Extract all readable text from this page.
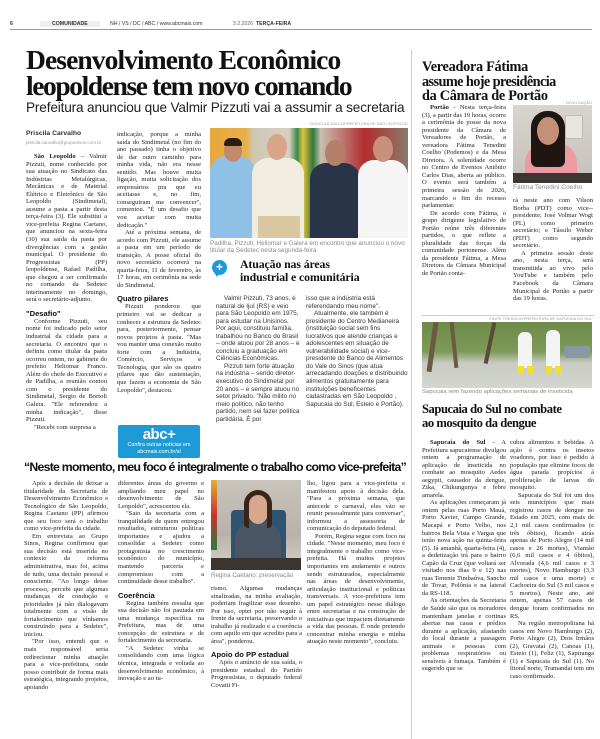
6	COMUNIDADE	NH / VS / DC / ABC / www.abcmais.com	3.2.2026 TERÇA-FEIRA
Desenvolvimento Econômico
leopoldense tem novo comando
Prefeitura anunciou que Valmir Pizzuti vai a assumir a secretaria
Priscila Carvalho
priscila.carvalho@gruposinos.com.br

São Leopoldo – Valmir Pizzuti, nome conhecido por sua atuação no Sindicato das Indústrias Metalúrgicas, Mecânicas e de Material Elétrico e Eletrônico de São Leopoldo (Sindimetal), assume a pasta a partir desta terça-feira (3). Ele substitui a vice-prefeita Regina Caetano, que anunciou na sexta-feira (30) sua saída da pasta por divergências com a gestão municipal. O presidente do Progressistas (PP) leopoldense, Rafael Padilha, que chegou a ser confirmado no comando da Sedetec interinamente no domingo, será o secretário-adjunto.

"Desafio"

Conforme Pizzuti, seu nome foi indicado pelo setor industrial da cidade para a secretaria. O encontro que o definiu como titular da pasta ocorreu ontem, no gabinete do prefeito Heliomar Franco. Além do chefe do Executivo e de Padilha, a reunião contou com o presidente do Sindimetal, Sergio de Bortoli Galera. "Ele referendou a minha indicação", disse Pizzuti.

"Recebi com surpresa a

indicação, porque a minha saída do Sindimetal (no fim do ano passado) tinha o objetivo de dar outro caminho para minha vida, não era nesse sentido. Mas houve muita ligação, muita solicitação dos empresários pra que eu aceitasse e, no fim, conseguiram me convencer", comentou. "É um desafio que vou aceitar com muita dedicação."

Até a próxima semana, de acordo com Pizzuti, ele assume a pasta em um período de transição. A posse oficial do novo secretário ocorrerá na quarta-feira, 11 de fevereiro, às 17 horas, em cerimônia na sede do Sindimetal.

Quatro pilares

Pizzuti ponderou que primeiro vai se dedicar a conhecer a estrutura da Sedetec para, posteriormente, pensar novos projetos à pasta. "Mas vou manter uma conexão muito forte com a Indústria, Comércio, Serviços e Tecnologia, que são os quatro pilares que dão sustentação, que fazem a economia de São Leopoldo", destacou.

abc+
Confira outras notícias em
abcmais.com.br/sl
DOUGLAS DALLA/PREFEITURA DE SÃO LEOPOLDO
Padilha, Pizzuti, Heliomar e Galera em encontro que anunciou o novo titular da Sedetec nesta segunda-feira
+	Atuação nas áreas
industrial e comunitária

Valmir Pizzuti, 73 anos, é natural de Ijuí (RS) e veio para São Leopoldo em 1975, para estudar na Unisinos. Por aqui, constituiu família, trabalhou no Banco do Brasil – onde atuou por 28 anos – e concluiu a graduação em Ciências Econômicas.

Pizzuti tem forte atuação na indústria – sendo diretor-executivo do Sindimetal por 20 anos – e sempre atuou no setor privado. "Não milito no meio político, não tenho partido, nem sei fazer política partidária. É por

isso que a indústria está referendando meu nome".

Atualmente, ele também é presidente do Centro Medianeira (instituição social sem fins lucrativos que atende crianças e adolescentes em situação de vulnerabilidade social) e vice-presidente do Banco de Alimentos do Vale do Sinos (que atua arrecadando doações e distribuindo alimentos gratuitamente para instituições beneficentes cadastradas em São Leopoldo , Sapucaia do Sul, Esteio e Portão).

“Neste momento, meu foco é integralmente o trabalho como vice-prefeita”

Após a decisão de deixar a titularidade da Secretaria de Desenvolvimento Econômico e Tecnológico de São Leopoldo, Regina Caetano (PP) afirmou que seu foco será o trabalho como vice-prefeita da cidade.

Em entrevista ao Grupo Sinos, Regina confirmou que sua decisão está inserida no contexto da reforma administrativa, mas foi, acima de tudo, uma decisão pessoal e consciente. "Ao longo desse processo, percebi que algumas mudanças de condução e prioridades já não dialogavam totalmente com a visão de fortalecimento que vínhamos construindo para a Sedetec", iniciou.

"Por isso, entendi que o mais responsável seria redirecionar minha atuação para a vice-prefeitura, onde posso contribuir de forma mais estratégica, integrando projetos, apoiando

diferentes áreas do governo e ampliando meu papel no desenvolvimento de São Leopoldo", acrescentou ela.

"Saio da secretaria com a tranquilidade de quem entregou resultados, estruturou políticas importantes e ajudou a consolidar a Sedetec como protagonista no crescimento econômico do município, mantendo parceria e compromisso com a continuidade desse trabalho".

Coerência

Regina também ressalta que sua decisão não foi pautada em uma mudança específica na Prefeitura, mas de uma concepção de estrutura e de fortalecimento da secretaria.

"A Sedetec vinha se consolidando com uma lógica técnica, integrada e voltada ao desenvolvimento econômico, à inovação e ao tu-

Regina Caetano: preservação

rismo. Algumas mudanças sinalizadas, na minha avaliação, poderiam fragilizar esse desenho. Por isso, optei por não seguir à frente da secretaria, preservando o trabalho já realizado e a coerência com aquilo em que acredito para a área", ponderou.

Apoio do PP estadual

Após o anúncio de sua saída, o presidente estadual do Partido Progressistas, o deputado federal Covatti Fi-

lho, ligou para a vice-prefeita e manifestou apoio à decisão dela. "Para a próxima semana, que antecede o carnaval, eles vão se reunir pessoalmente para conversar", informou a assessoria de comunicação do deputado federal.

Porém, Regina segue com foco na cidade. "Neste momento, meu foco é integralmente o trabalho como vice-prefeita. Há muitos projetos importantes em andamento e outros sendo estruturados, especialmente nas áreas de desenvolvimento, articulação institucional e políticas transversais. A vice-prefeitura tem um papel estratégico nesse diálogo entre secretarias e na construção de iniciativas que impactem diretamente a vida das pessoas. É onde pretendo concentrar minha energia e minha atuação neste momento", concluiu.

Vereadora Fátima
assume hoje presidência
da Câmara de Portão	DIVULGAÇÃO
Fátima Tenedini Coelho

Portão - Nesta terça-feira (3), a partir das 19 horas, ocorre a cerimônia de posse da nova presidente da Câmara de Vereadores de Portão, a vereadora Fátima Tenedini Coelho (Podemos) e da Mesa Diretora. A solenidade ocorre no Centro de Eventos Antônio Carlos Dias, aberta ao público. O evento será também a primeira sessão de 2026, marcando o fim do recesso parlamentar.

De acordo com Fátima, o grupo dirigente legislativo de Portão reúne três diferentes partidos, o que reflete a pluralidade das forças da comunidade portonense. Além da presidente Fátima, a Mesa Diretora da Câmara Municipal de Portão conta-

rá neste ano com Vilson Borba (PDT) como vice--presidente; José Volmar Wogt (PL) como primeiro secretário; e Tássilo Weber (PDT) como segundo secretário.

A primeira sessão deste ano, nesta terça, será transmitida ao vivo pelo YouTube e também pelo Facebook da Câmara Municipal de Portão a partir das 19 horas.

FILIPE TRESOLDI/PREFEITURA DE SAPUCAIA DO SUL
Sapucaia vem fazendo aplicações semanais de inseticida
Sapucaia do Sul no combate
ao mosquito da dengue

Sapucaia do Sul - A Prefeitura sapucaiense divulgou ontem a programação de aplicação de inseticida no combate ao mosquito Aedes aegypti, causador da dengue, Zika, Chikungunya e febre amarela.

As aplicações começaram já ontem pelas ruas Porto Mauá, Porto Xavier, Campo Grande, Macapá e Porto Velho, nos bairros Bela Vista e Vargas que terão nova ação na quinta-feira (5). Já amanhã, quarta-feira (4), a dedetização irá para o bairro Capão da Cruz (que voltará ser visitado nos dias 9 e 12) nas ruas Tenente Timbaúva, Sancho de Tovar, Polônia e na lateral da RS-118.

As orientações da Secretaria de Saúde são que os moradores mantenham janelas e cortinas abertas nas casas e prédios durante a aplicação, afastando do local durante a passagem animais e pessoas com problemas respiratórios ou sensíveis à fumaça. Também é sugerido que se

cubra alimentos e bebidas. A ação é contra os insetos voadores, por isso é pedido à população que elimine focos de água parada propícios à proliferação de larvas do mosquito.

Sapucaia do Sul foi um dos seis municípios que mais registrou casos de dengue no Estado em 2025, com mais de 2,1 mil casos confirmados (e três óbitos), ficando atrás apenas de Porto Alegre (14 mil casos e 26 mortes), Viamão (6,6 mil casos e 4 óbitos), Alvorada (4,6 mil casos e 3 mortes), Novo Hamburgo (3,3 mil casos e uma morte) e Cachoeira do Sul (3 mil casos e 5 mortos). Neste ano, até ontem, apenas 57 casos de dengue foram confirmados no RS.

Na região metropolitana há casos em Novo Hamburgo (2), Porto Alegre (2), Dois Irmãos (2), Gravataí (2), Canoas (1), Esteio (1), Feliz (1), Sapiranga (1) e Sapucaia do Sul (1). No litoral norte, Tramandaí tem um caso confirmado.
